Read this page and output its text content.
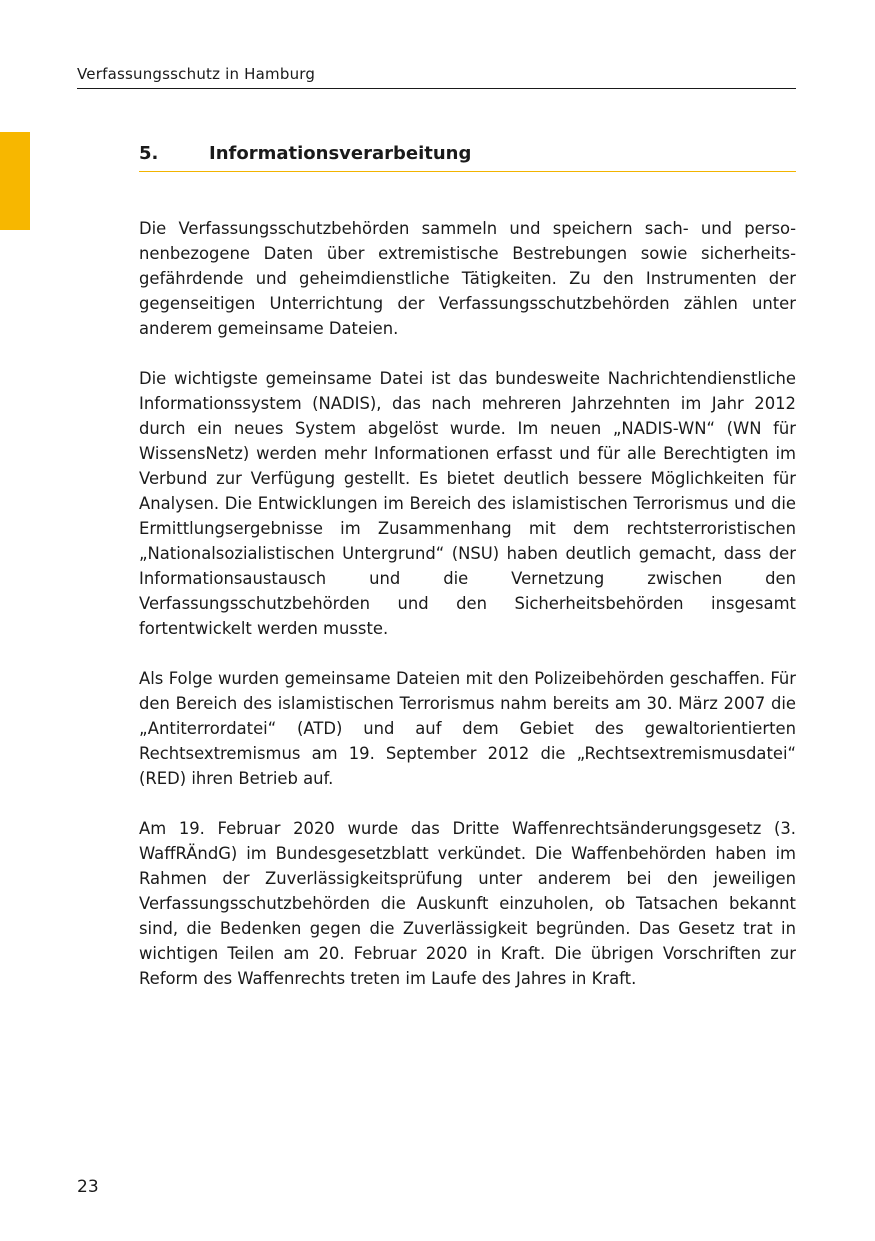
Verfassungsschutz in Hamburg
5.	Informationsverarbeitung

Die Verfassungsschutzbehörden sammeln und speichern sach- und personenbezogene Daten über extremistische Bestrebungen sowie sicherheitsgefährdende und geheimdienstliche Tätigkeiten. Zu den Instrumenten der gegenseitigen Unterrichtung der Verfassungsschutzbehörden zählen unter anderem gemeinsame Dateien.

Die wichtigste gemeinsame Datei ist das bundesweite Nachrichtendienstliche Informationssystem (NADIS), das nach mehreren Jahrzehnten im Jahr 2012 durch ein neues System abgelöst wurde. Im neuen „NADIS-WN“ (WN für WissensNetz) werden mehr Informationen erfasst und für alle Berechtigten im Verbund zur Verfügung gestellt. Es bietet deutlich bessere Möglichkeiten für Analysen. Die Entwicklungen im Bereich des islamistischen Terrorismus und die Ermittlungsergebnisse im Zusammenhang mit dem rechtsterroristischen „Nationalsozialistischen Untergrund“ (NSU) haben deutlich gemacht, dass der Informationsaustausch und die Vernetzung zwischen den Verfassungsschutzbehörden und den Sicherheitsbehörden insgesamt fortentwickelt werden musste.

Als Folge wurden gemeinsame Dateien mit den Polizeibehörden geschaffen. Für den Bereich des islamistischen Terrorismus nahm bereits am 30. März 2007 die „Antiterrordatei“ (ATD) und auf dem Gebiet des gewaltorientierten Rechtsextremismus am 19. September 2012 die „Rechtsextremismusdatei“ (RED) ihren Betrieb auf.

Am 19. Februar 2020 wurde das Dritte Waffenrechtsänderungsgesetz (3. WaffRÄndG) im Bundesgesetzblatt verkündet. Die Waffenbehörden haben im Rahmen der Zuverlässigkeitsprüfung unter anderem bei den jeweiligen Verfassungsschutzbehörden die Auskunft einzuholen, ob Tatsachen bekannt sind, die Bedenken gegen die Zuverlässigkeit begründen. Das Gesetz trat in wichtigen Teilen am 20. Februar 2020 in Kraft. Die übrigen Vorschriften zur Reform des Waffenrechts treten im Laufe des Jahres in Kraft.

23
